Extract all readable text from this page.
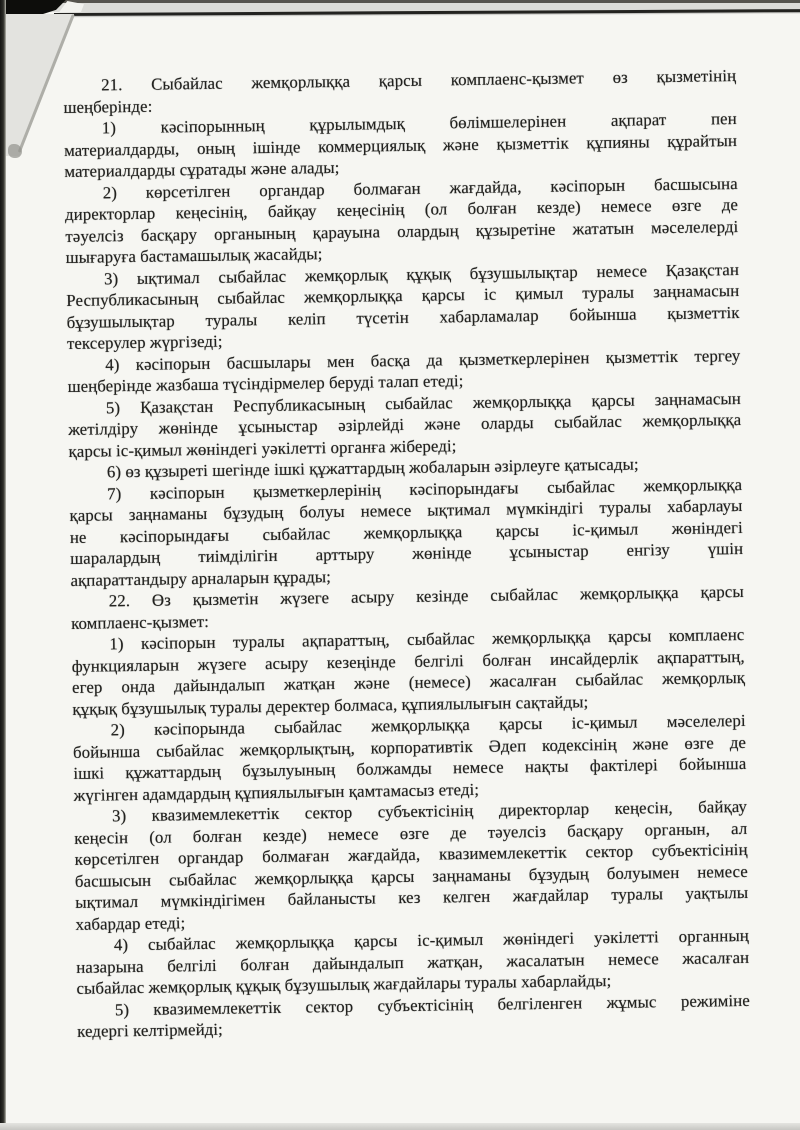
21. Сыбайлас жемқорлыққа қарсы комплаенс-қызмет өз қызметінің
шеңберінде:
1) кәсіпорынның құрылымдық бөлімшелерінен ақпарат пен
материалдарды, оның ішінде коммерциялық және қызметтік құпияны құрайтын
материалдарды сұратады және алады;
2) көрсетілген органдар болмаған жағдайда, кәсіпорын басшысына
директорлар кеңесінің, байқау кеңесінің (ол болған кезде) немесе өзге де
тәуелсіз басқару органының қарауына олардың құзыретіне жататын мәселелерді
шығаруға бастамашылық жасайды;
3) ықтимал сыбайлас жемқорлық құқық бұзушылықтар немесе Қазақстан
Республикасының сыбайлас жемқорлыққа қарсы іс қимыл туралы заңнамасын
бұзушылықтар туралы келіп түсетін хабарламалар бойынша қызметтік
тексерулер жүргізеді;
4) кәсіпорын басшылары мен басқа да қызметкерлерінен қызметтік тергеу
шеңберінде жазбаша түсіндірмелер беруді талап етеді;
5) Қазақстан Республикасының сыбайлас жемқорлыққа қарсы заңнамасын
жетілдіру жөнінде ұсыныстар әзірлейді және оларды сыбайлас жемқорлыққа
қарсы іс-қимыл жөніндегі уәкілетті органға жібереді;
6) өз құзыреті шегінде ішкі құжаттардың жобаларын әзірлеуге қатысады;
7) кәсіпорын қызметкерлерінің кәсіпорындағы сыбайлас жемқорлыққа
қарсы заңнаманы бұзудың болуы немесе ықтимал мүмкіндігі туралы хабарлауы
не кәсіпорындағы сыбайлас жемқорлыққа қарсы іс-қимыл жөніндегі
шаралардың тиімділігін арттыру жөнінде ұсыныстар енгізу үшін
ақпараттандыру арналарын құрады;
22. Өз қызметін жүзеге асыру кезінде сыбайлас жемқорлыққа қарсы
комплаенс-қызмет:
1) кәсіпорын туралы ақпараттың, сыбайлас жемқорлыққа қарсы комплаенс
функцияларын жүзеге асыру кезеңінде белгілі болған инсайдерлік ақпараттың,
егер онда дайындалып жатқан және (немесе) жасалған сыбайлас жемқорлық
құқық бұзушылық туралы деректер болмаса, құпиялылығын сақтайды;
2) кәсіпорында сыбайлас жемқорлыққа қарсы іс-қимыл мәселелері
бойынша сыбайлас жемқорлықтың, корпоративтік Әдеп кодексінің және өзге де
ішкі құжаттардың бұзылуының болжамды немесе нақты фактілері бойынша
жүгінген адамдардың құпиялылығын қамтамасыз етеді;
3) квазимемлекеттік сектор субъектісінің директорлар кеңесін, байқау
кеңесін (ол болған кезде) немесе өзге де тәуелсіз басқару органын, ал
көрсетілген органдар болмаған жағдайда, квазимемлекеттік сектор субъектісінің
басшысын сыбайлас жемқорлыққа қарсы заңнаманы бұзудың болуымен немесе
ықтимал мүмкіндігімен байланысты кез келген жағдайлар туралы уақтылы
хабардар етеді;
4) сыбайлас жемқорлыққа қарсы іс-қимыл жөніндегі уәкілетті органның
назарына белгілі болған дайындалып жатқан, жасалатын немесе жасалған
сыбайлас жемқорлық құқық бұзушылық жағдайлары туралы хабарлайды;
5) квазимемлекеттік сектор субъектісінің белгіленген жұмыс режиміне
кедергі келтірмейді;
